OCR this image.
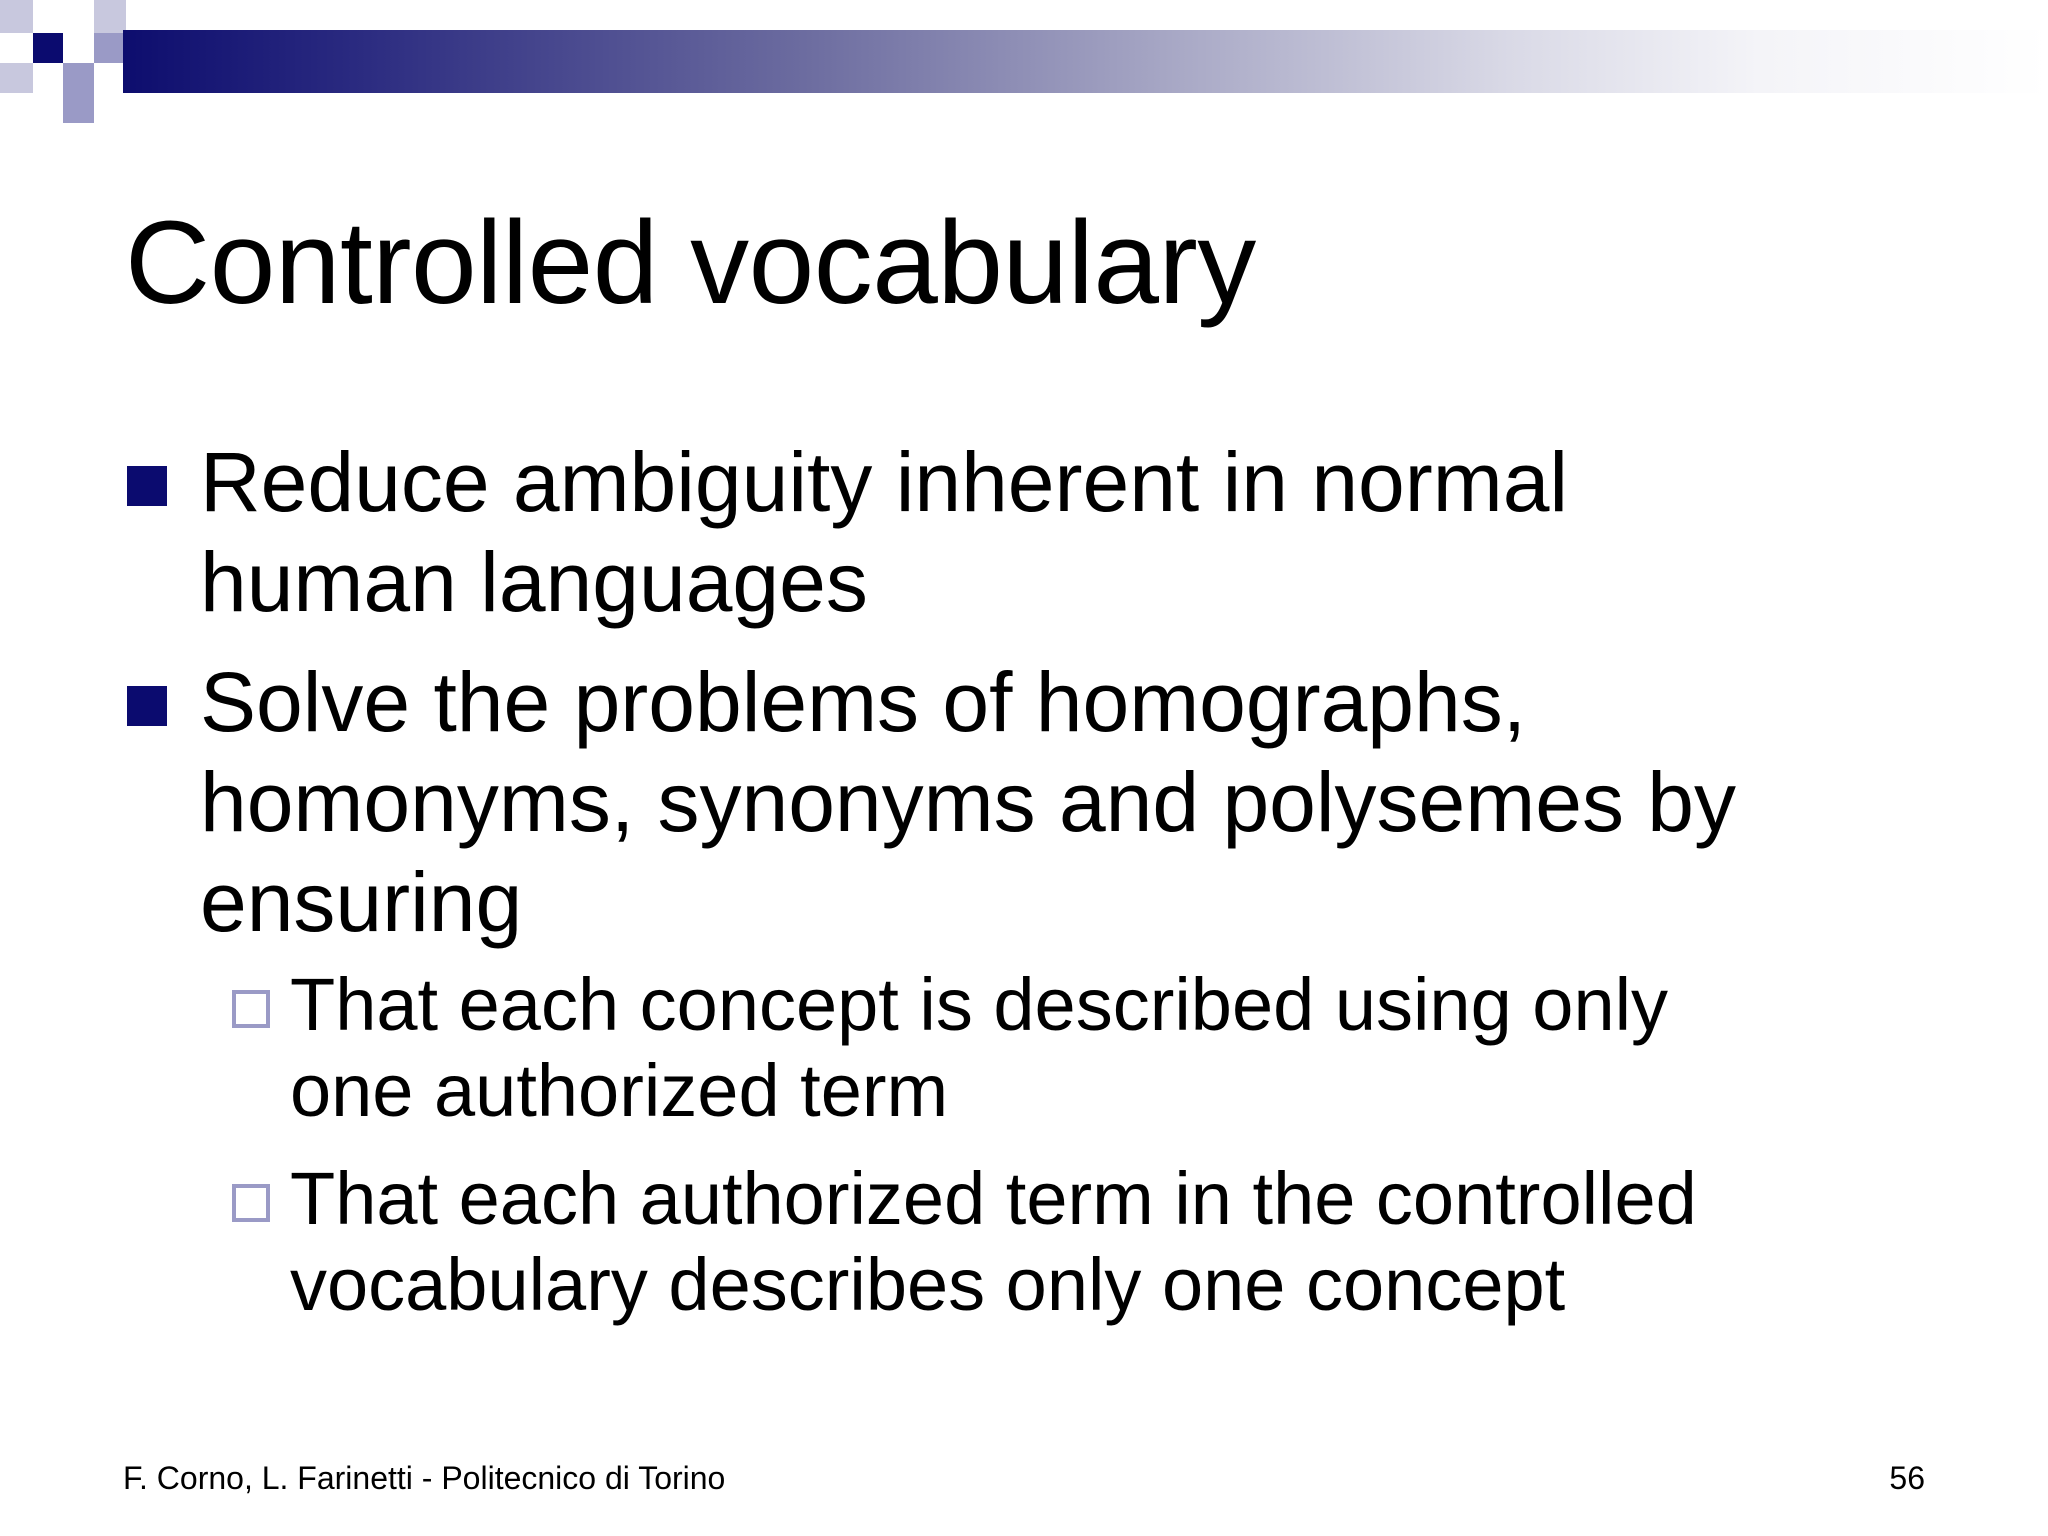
Controlled vocabulary
Reduce ambiguity inherent in normal
human languages
Solve the problems of homographs,
homonyms, synonyms and polysemes by
ensuring
That each concept is described using only
one authorized term
That each authorized term in the controlled
vocabulary describes only one concept
F. Corno, L. Farinetti - Politecnico di Torino	56
